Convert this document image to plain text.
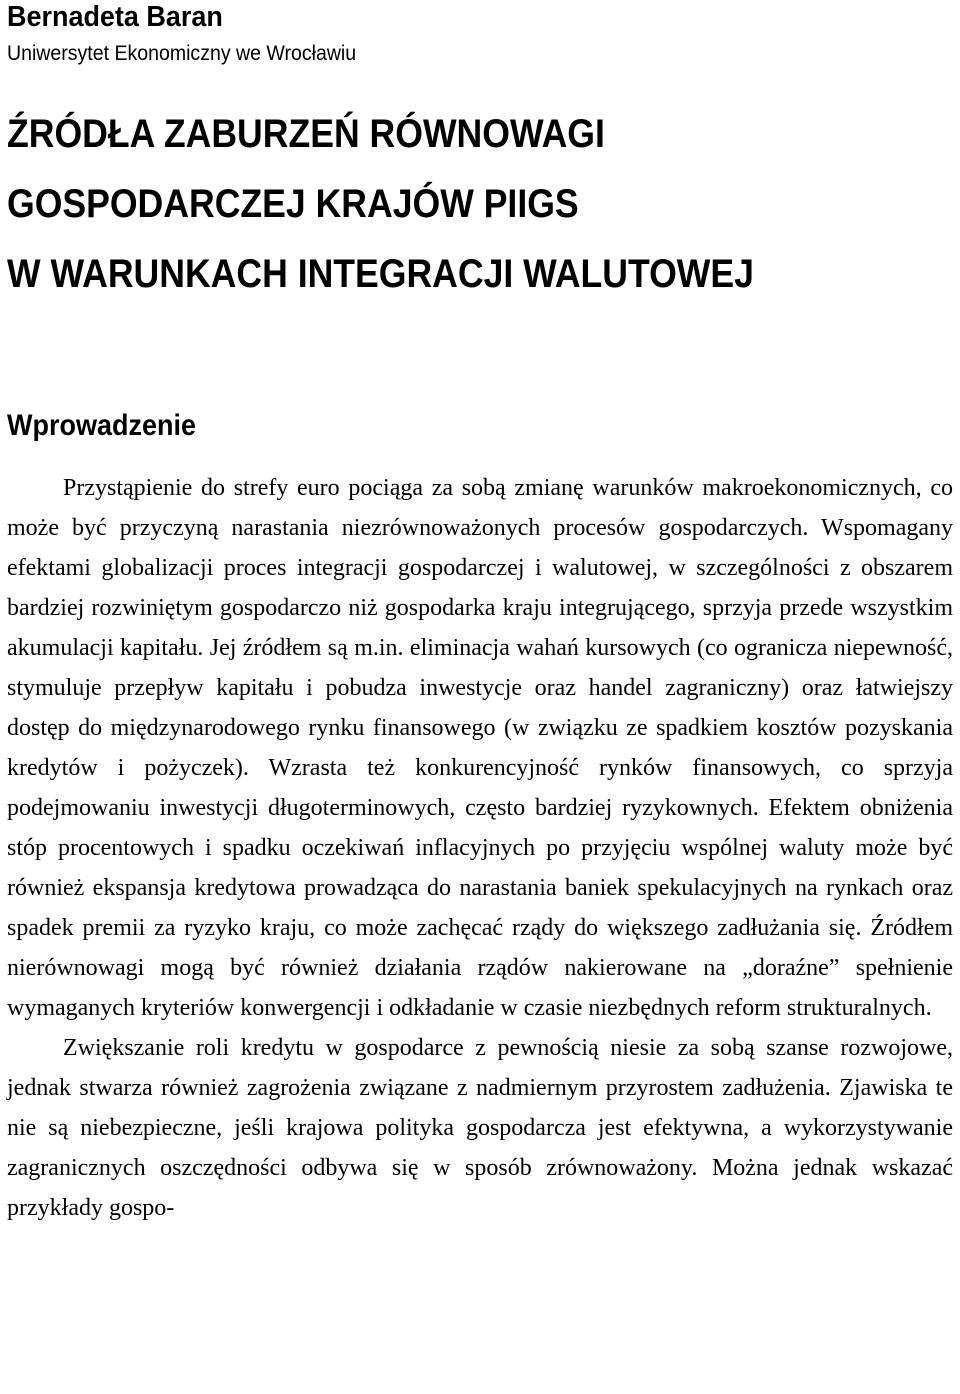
Bernadeta Baran
Uniwersytet Ekonomiczny we Wrocławiu
ŹRÓDŁA ZABURZEŃ RÓWNOWAGI
GOSPODARCZEJ KRAJÓW PIIGS
W WARUNKACH INTEGRACJI WALUTOWEJ
Wprowadzenie

Przystąpienie do strefy euro pociąga za sobą zmianę warunków makroekonomicznych, co może być przyczyną narastania niezrównoważonych procesów gospodarczych. Wspomagany efektami globalizacji proces integracji gospodarczej i walutowej, w szczególności z obszarem bardziej rozwiniętym gospodarczo niż gospodarka kraju integrującego, sprzyja przede wszystkim akumulacji kapitału. Jej źródłem są m.in. eliminacja wahań kursowych (co ogranicza niepewność, stymuluje przepływ kapitału i pobudza inwestycje oraz handel zagraniczny) oraz łatwiejszy dostęp do międzynarodowego rynku finansowego (w związku ze spadkiem kosztów pozyskania kredytów i pożyczek). Wzrasta też konkurencyjność rynków finansowych, co sprzyja podejmowaniu inwestycji długoterminowych, często bardziej ryzykownych. Efektem obniżenia stóp procentowych i spadku oczekiwań inflacyjnych po przyjęciu wspólnej waluty może być również ekspansja kredytowa prowadząca do narastania baniek spekulacyjnych na rynkach oraz spadek premii za ryzyko kraju, co może zachęcać rządy do większego zadłużania się. Źródłem nierównowagi mogą być również działania rządów nakierowane na „doraźne” spełnienie wymaganych kryteriów konwergencji i odkładanie w czasie niezbędnych reform strukturalnych.

Zwiększanie roli kredytu w gospodarce z pewnością niesie za sobą szanse rozwojowe, jednak stwarza również zagrożenia związane z nadmiernym przyrostem zadłużenia. Zjawiska te nie są niebezpieczne, jeśli krajowa polityka gospodarcza jest efektywna, a wykorzystywanie zagranicznych oszczędności odbywa się w sposób zrównoważony. Można jednak wskazać przykłady gospo-
